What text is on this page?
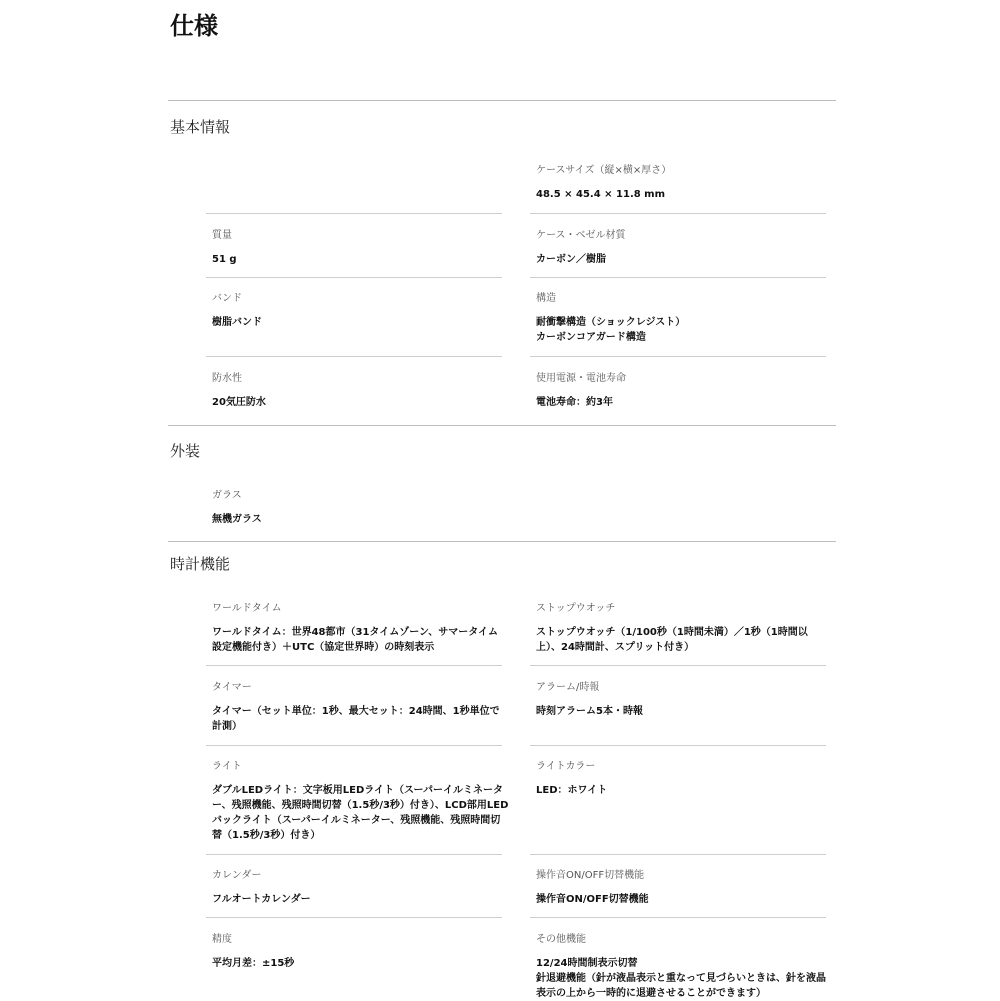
仕様
基本情報
ケースサイズ（縦×横×厚さ）
48.5 × 45.4 × 11.8 mm
質量
51 g
ケース・ベゼル材質
カーボン／樹脂
バンド
樹脂バンド
構造
耐衝撃構造（ショックレジスト）
カーボンコアガード構造
防水性
20気圧防水
使用電源・電池寿命
電池寿命：約3年
外装
ガラス
無機ガラス
時計機能
ワールドタイム
ワールドタイム：世界48都市（31タイムゾーン、サマータイム
設定機能付き）＋UTC（協定世界時）の時刻表示
ストップウオッチ
ストップウオッチ（1/100秒（1時間未満）／1秒（1時間以
上）、24時間計、スプリット付き）
タイマー
タイマー（セット単位：1秒、最大セット：24時間、1秒単位で
計測）
アラーム/時報
時刻アラーム5本・時報
ライト
ダブルLEDライト：文字板用LEDライト（スーパーイルミネータ
ー、残照機能、残照時間切替（1.5秒/3秒）付き）、LCD部用LED
バックライト（スーパーイルミネーター、残照機能、残照時間切
替（1.5秒/3秒）付き）
ライトカラー
LED：ホワイト
カレンダー
フルオートカレンダー
操作音ON/OFF切替機能
操作音ON/OFF切替機能
精度
平均月差：±15秒
その他機能
12/24時間制表示切替
針退避機能（針が液晶表示と重なって見づらいときは、針を液晶
表示の上から一時的に退避させることができます）
